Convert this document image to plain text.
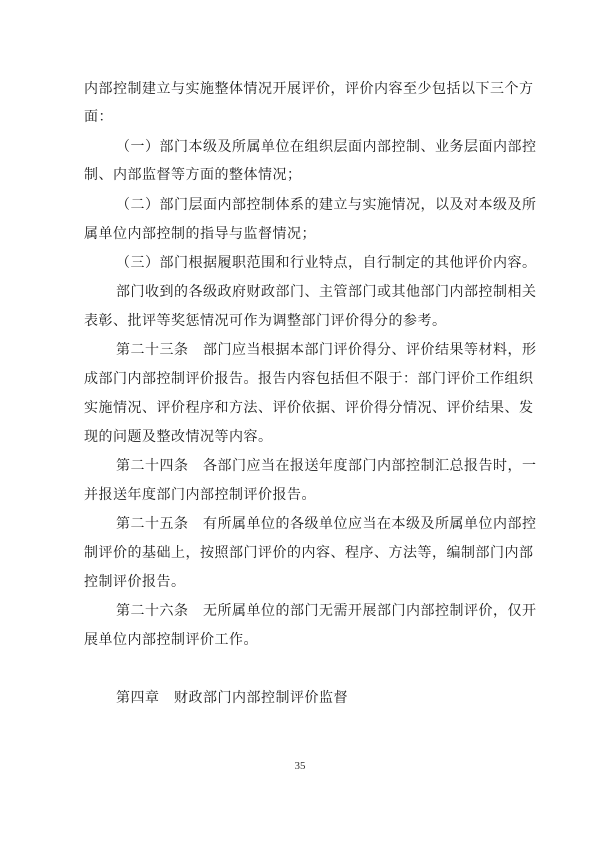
内部控制建立与实施整体情况开展评价，评价内容至少包括以下三个方
面：
（一）部门本级及所属单位在组织层面内部控制、业务层面内部控
制、内部监督等方面的整体情况；
（二）部门层面内部控制体系的建立与实施情况，以及对本级及所
属单位内部控制的指导与监督情况；
（三）部门根据履职范围和行业特点，自行制定的其他评价内容。
部门收到的各级政府财政部门、主管部门或其他部门内部控制相关
表彰、批评等奖惩情况可作为调整部门评价得分的参考。
第二十三条　部门应当根据本部门评价得分、评价结果等材料，形
成部门内部控制评价报告。报告内容包括但不限于：部门评价工作组织
实施情况、评价程序和方法、评价依据、评价得分情况、评价结果、发
现的问题及整改情况等内容。
第二十四条　各部门应当在报送年度部门内部控制汇总报告时，一
并报送年度部门内部控制评价报告。
第二十五条　有所属单位的各级单位应当在本级及所属单位内部控
制评价的基础上，按照部门评价的内容、程序、方法等，编制部门内部
控制评价报告。
第二十六条　无所属单位的部门无需开展部门内部控制评价，仅开
展单位内部控制评价工作。
第四章　财政部门内部控制评价监督
35
